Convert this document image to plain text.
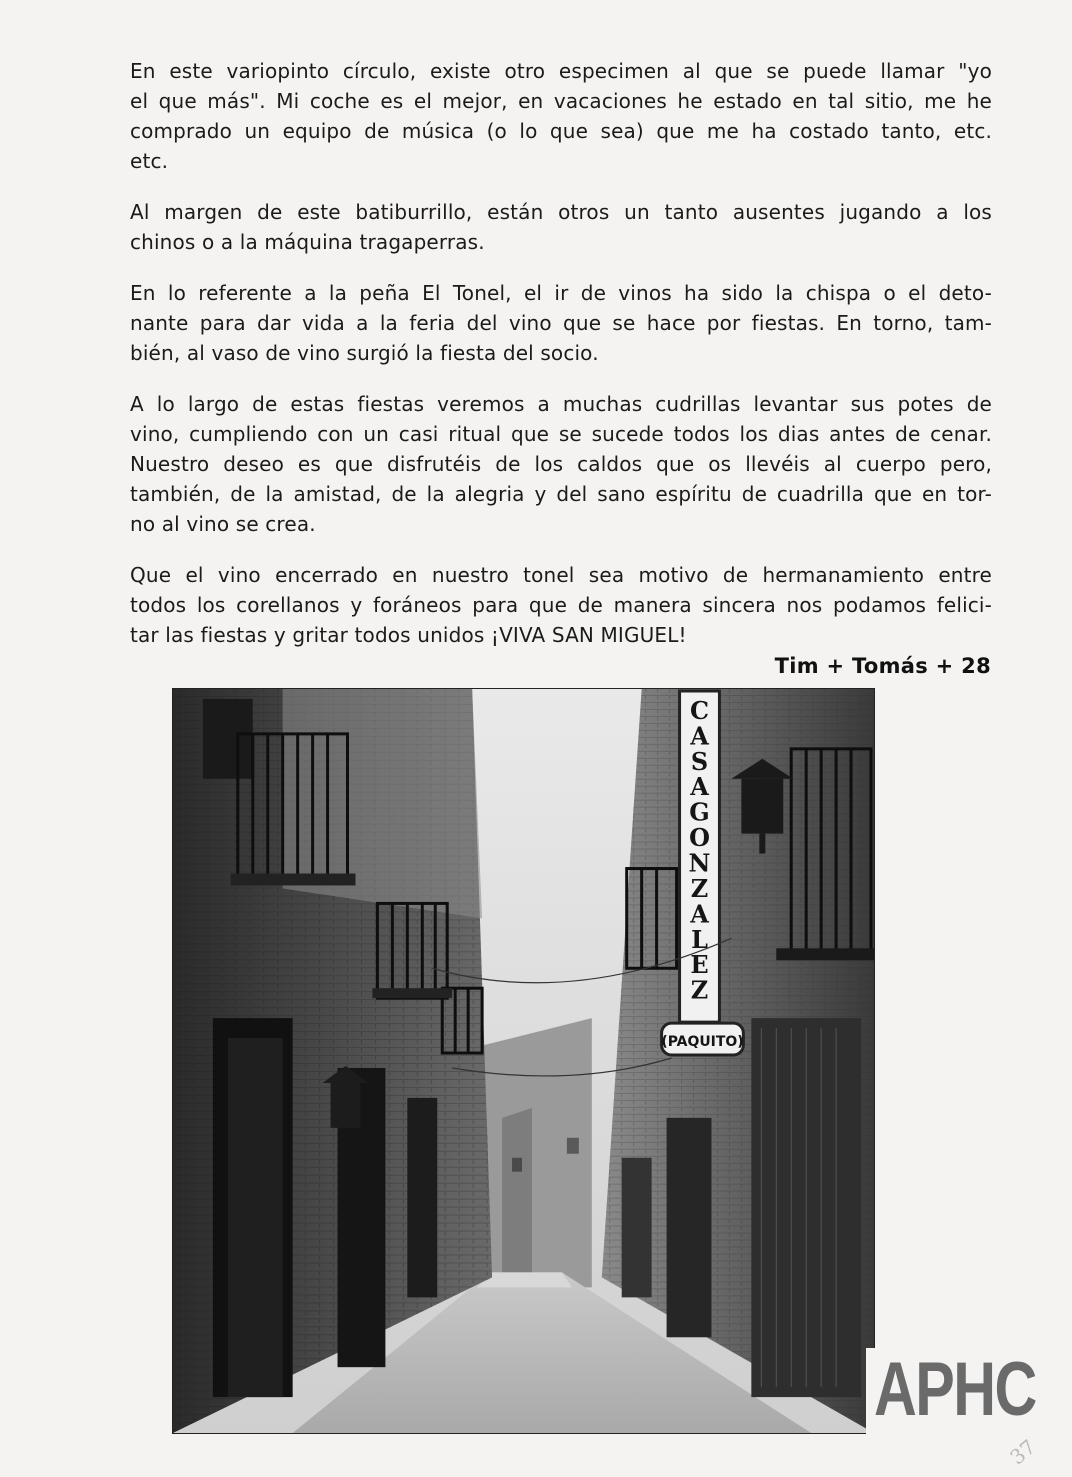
En este variopinto círculo, existe otro especimen al que se puede llamar "yo
el que más". Mi coche es el mejor, en vacaciones he estado en tal sitio, me he
comprado un equipo de música (o lo que sea) que me ha costado tanto, etc.
etc.

Al margen de este batiburrillo, están otros un tanto ausentes jugando a los
chinos o a la máquina tragaperras.

En lo referente a la peña El Tonel, el ir de vinos ha sido la chispa o el deto-
nante para dar vida a la feria del vino que se hace por fiestas. En torno, tam-
bién, al vaso de vino surgió la fiesta del socio.

A lo largo de estas fiestas veremos a muchas cudrillas levantar sus potes de
vino, cumpliendo con un casi ritual que se sucede todos los dias antes de cenar.
Nuestro deseo es que disfrutéis de los caldos que os llevéis al cuerpo pero,
también, de la amistad, de la alegria y del sano espíritu de cuadrilla que en tor-
no al vino se crea.

Que el vino encerrado en nuestro tonel sea motivo de hermanamiento entre
todos los corellanos y foráneos para que de manera sincera nos podamos felici-
tar las fiestas y gritar todos unidos ¡VIVA SAN MIGUEL!

Tim + Tomás + 28
C
A
S
A
G
O
N
Z
A
L
E
Z
(PAQUITO)
APHC
37
